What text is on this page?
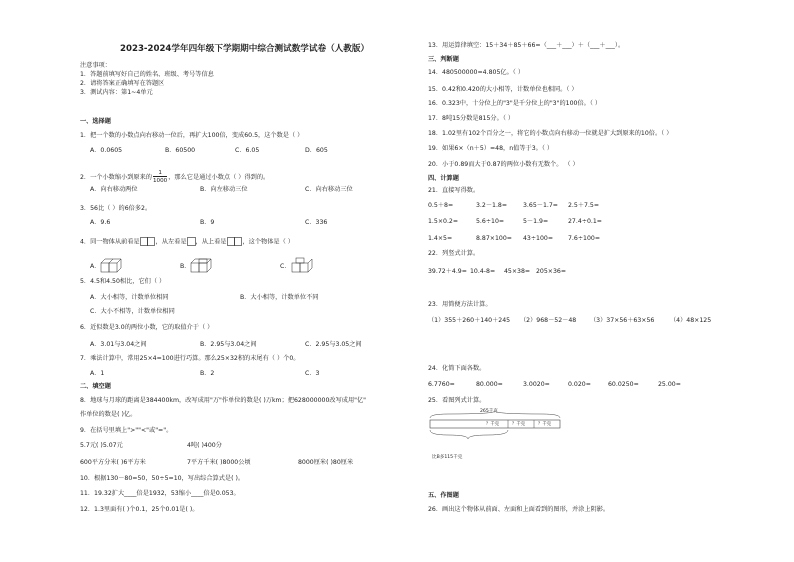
2023-2024学年四年级下学期期中综合测试数学试卷（人教版）
注意事项：
1．答题前填写好自己的姓名、班级、考号等信息
2．请将答案正确填写在答题区
3．测试内容：第1~4单元
一、选择题
1．把一个数的小数点向右移动一位后，再扩大100倍，变成60.5，这个数是（ ）
A．0.0605	B．60500	C．6.05	D．605
2．一个小数缩小到原来的 $\frac{1}{1000}$ ，那么它是通过小数点（ ）得到的。
A．向右移动两位	B．向左移动三位	C．向右移动三位
3．56比（ ）的6倍多2。
A．9.6	B．9	C．336
4．同一物体从前看是	，从左看是 ，从上看是	，这个物体是（ ）
A．	B．	C．
5．4.5和4.50相比，它们（ ）
A．大小相等，计数单位相同	B．大小相等，计数单位不同
C．大小不相等，计数单位相同
6．近似数是3.0的两位小数，它的取值介于（ ）
A．3.01与3.04之间	B．2.95与3.04之间	C．2.95与3.05之间
7．乘法计算中，常用25×4=100进行巧算。那么25×32积的末尾有（ ）个0。
A．1	B．2	C．3
二、填空题
8．地球与月球的距离是384400km，改写成用"万"作单位的数是( )万km；把628000000改写成用"亿"
作单位的数是( )亿。
9．在括号里填上">""<"或"="。
5.7元( )5.07元	4吨( )400分
600平方分米( )6平方米	7平方千米( )8000公顷	8000厘米( )80厘米
10．根据130－80=50，50÷5=10，写出综合算式是( )。
11．19.32扩大____倍是1932，53缩小____倍是0.053。
12．1.3里面有( )个0.1，25个0.01是( )。
13．用运算律填空：15＋34＋85＋66=（___＋___）＋（___＋___）。
三、判断题
14．480500000=4.805亿。（ ）
15．0.42和0.420的大小相等，计数单位也相同。（ ）
16．0.323中，十分位上的"3"是千分位上的"3"的100倍。（ ）
17．8吨15分数是815分。（ ）
18．1.02里有102个百分之一，将它的小数点向右移动一位就是扩大到原来的10倍。（ ）
19．如果6×（n＋5）=48，n值等于3。（ ）
20．小于0.89而大于0.87的两位小数有无数个。 （ ）
四、计算题
21．直接写得数。
0.5＋8=	3.2－1.8=	3.65－1.7= 2.5＋7.5=
1.5×0.2=	5.6÷10=	5－1.9=	27.4÷0.1=
1.4×5=	8.87×100= 43÷100= 7.6÷100=
22．列竖式计算。
39.72＋4.9= 10.4-8= 45×38= 205×36=
23．用简便方法计算。
（1）355＋260＋140＋245 （2）968－52－48 （3）37×56＋63×56	（4）48×125
24．化简下面各数。
6.7760=	80.000=	3.0020=	0.020=	60.0250=	25.00=
25．看图列式计算。
265千克
？千克	？千克	？千克
比B多115千克
五、作图题
26．画出这个物体从前面、左面和上面看到的图形，并涂上阴影。
